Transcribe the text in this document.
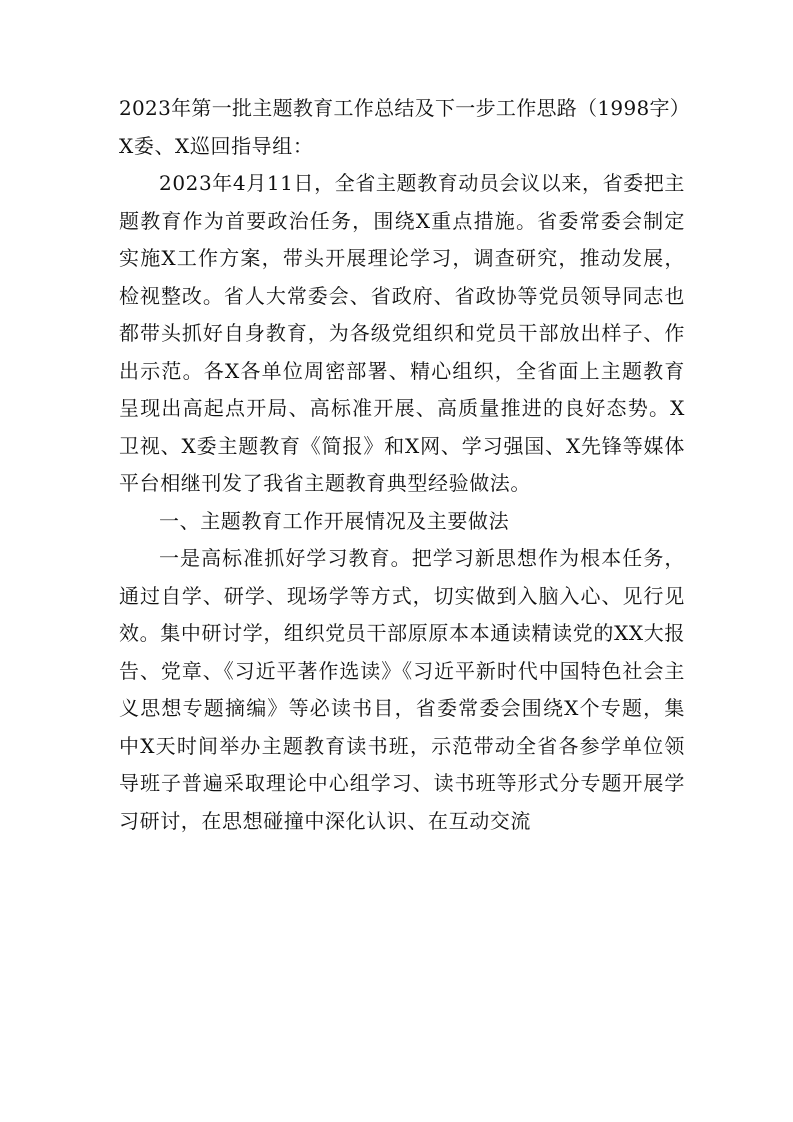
2023年第一批主题教育工作总结及下一步工作思路（1998字）

X委、X巡回指导组：

2023年4月11日，全省主题教育动员会议以来，省委把主题教育作为首要政治任务，围绕X重点措施。省委常委会制定实施X工作方案，带头开展理论学习，调查研究，推动发展，检视整改。省人大常委会、省政府、省政协等党员领导同志也都带头抓好自身教育，为各级党组织和党员干部放出样子、作出示范。各X各单位周密部署、精心组织，全省面上主题教育呈现出高起点开局、高标准开展、高质量推进的良好态势。X卫视、X委主题教育《简报》和X网、学习强国、X先锋等媒体平台相继刊发了我省主题教育典型经验做法。

一、主题教育工作开展情况及主要做法

一是高标准抓好学习教育。把学习新思想作为根本任务，通过自学、研学、现场学等方式，切实做到入脑入心、见行见效。集中研讨学，组织党员干部原原本本通读精读党的XX大报告、党章、《习近平著作选读》《习近平新时代中国特色社会主义思想专题摘编》等必读书目，省委常委会围绕X个专题，集中X天时间举办主题教育读书班，示范带动全省各参学单位领导班子普遍采取理论中心组学习、读书班等形式分专题开展学习研讨，在思想碰撞中深化认识、在互动交流
